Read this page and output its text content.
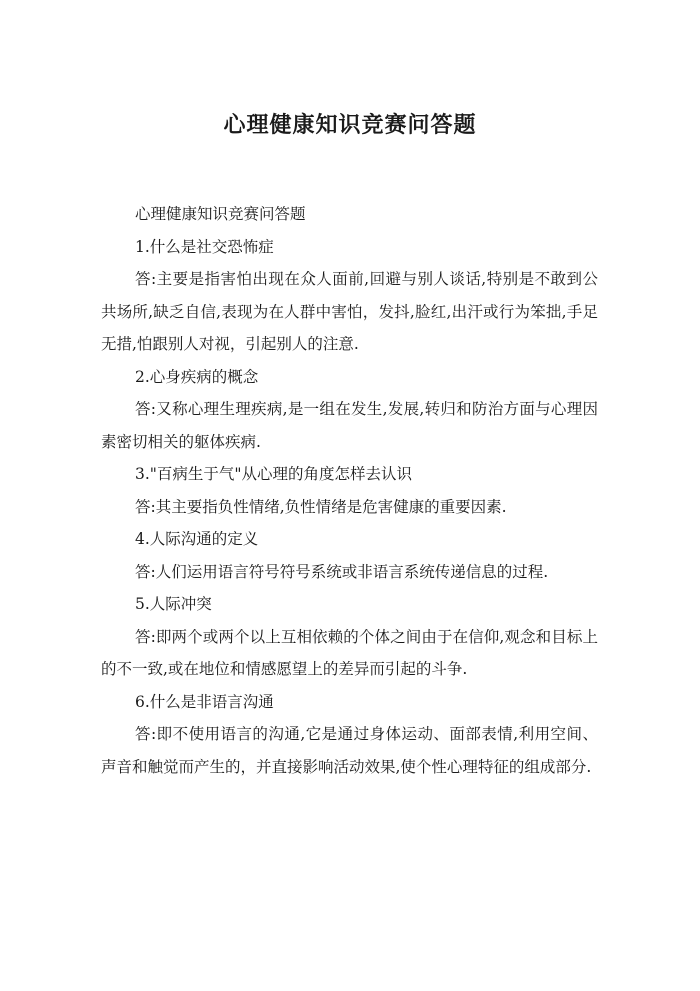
心理健康知识竞赛问答题

心理健康知识竞赛问答题

1.什么是社交恐怖症

答:主要是指害怕出现在众人面前,回避与别人谈话,特别是不敢到公共场所,缺乏自信,表现为在人群中害怕，发抖,脸红,出汗或行为笨拙,手足无措,怕跟别人对视，引起别人的注意.

2.心身疾病的概念

答:又称心理生理疾病,是一组在发生,发展,转归和防治方面与心理因素密切相关的躯体疾病.

3."百病生于气"从心理的角度怎样去认识

答:其主要指负性情绪,负性情绪是危害健康的重要因素.

4.人际沟通的定义

答:人们运用语言符号符号系统或非语言系统传递信息的过程.

5.人际冲突

答:即两个或两个以上互相依赖的个体之间由于在信仰,观念和目标上的不一致,或在地位和情感愿望上的差异而引起的斗争.

6.什么是非语言沟通

答:即不使用语言的沟通,它是通过身体运动、面部表情,利用空间、声音和触觉而产生的，并直接影响活动效果,使个性心理特征的组成部分.
